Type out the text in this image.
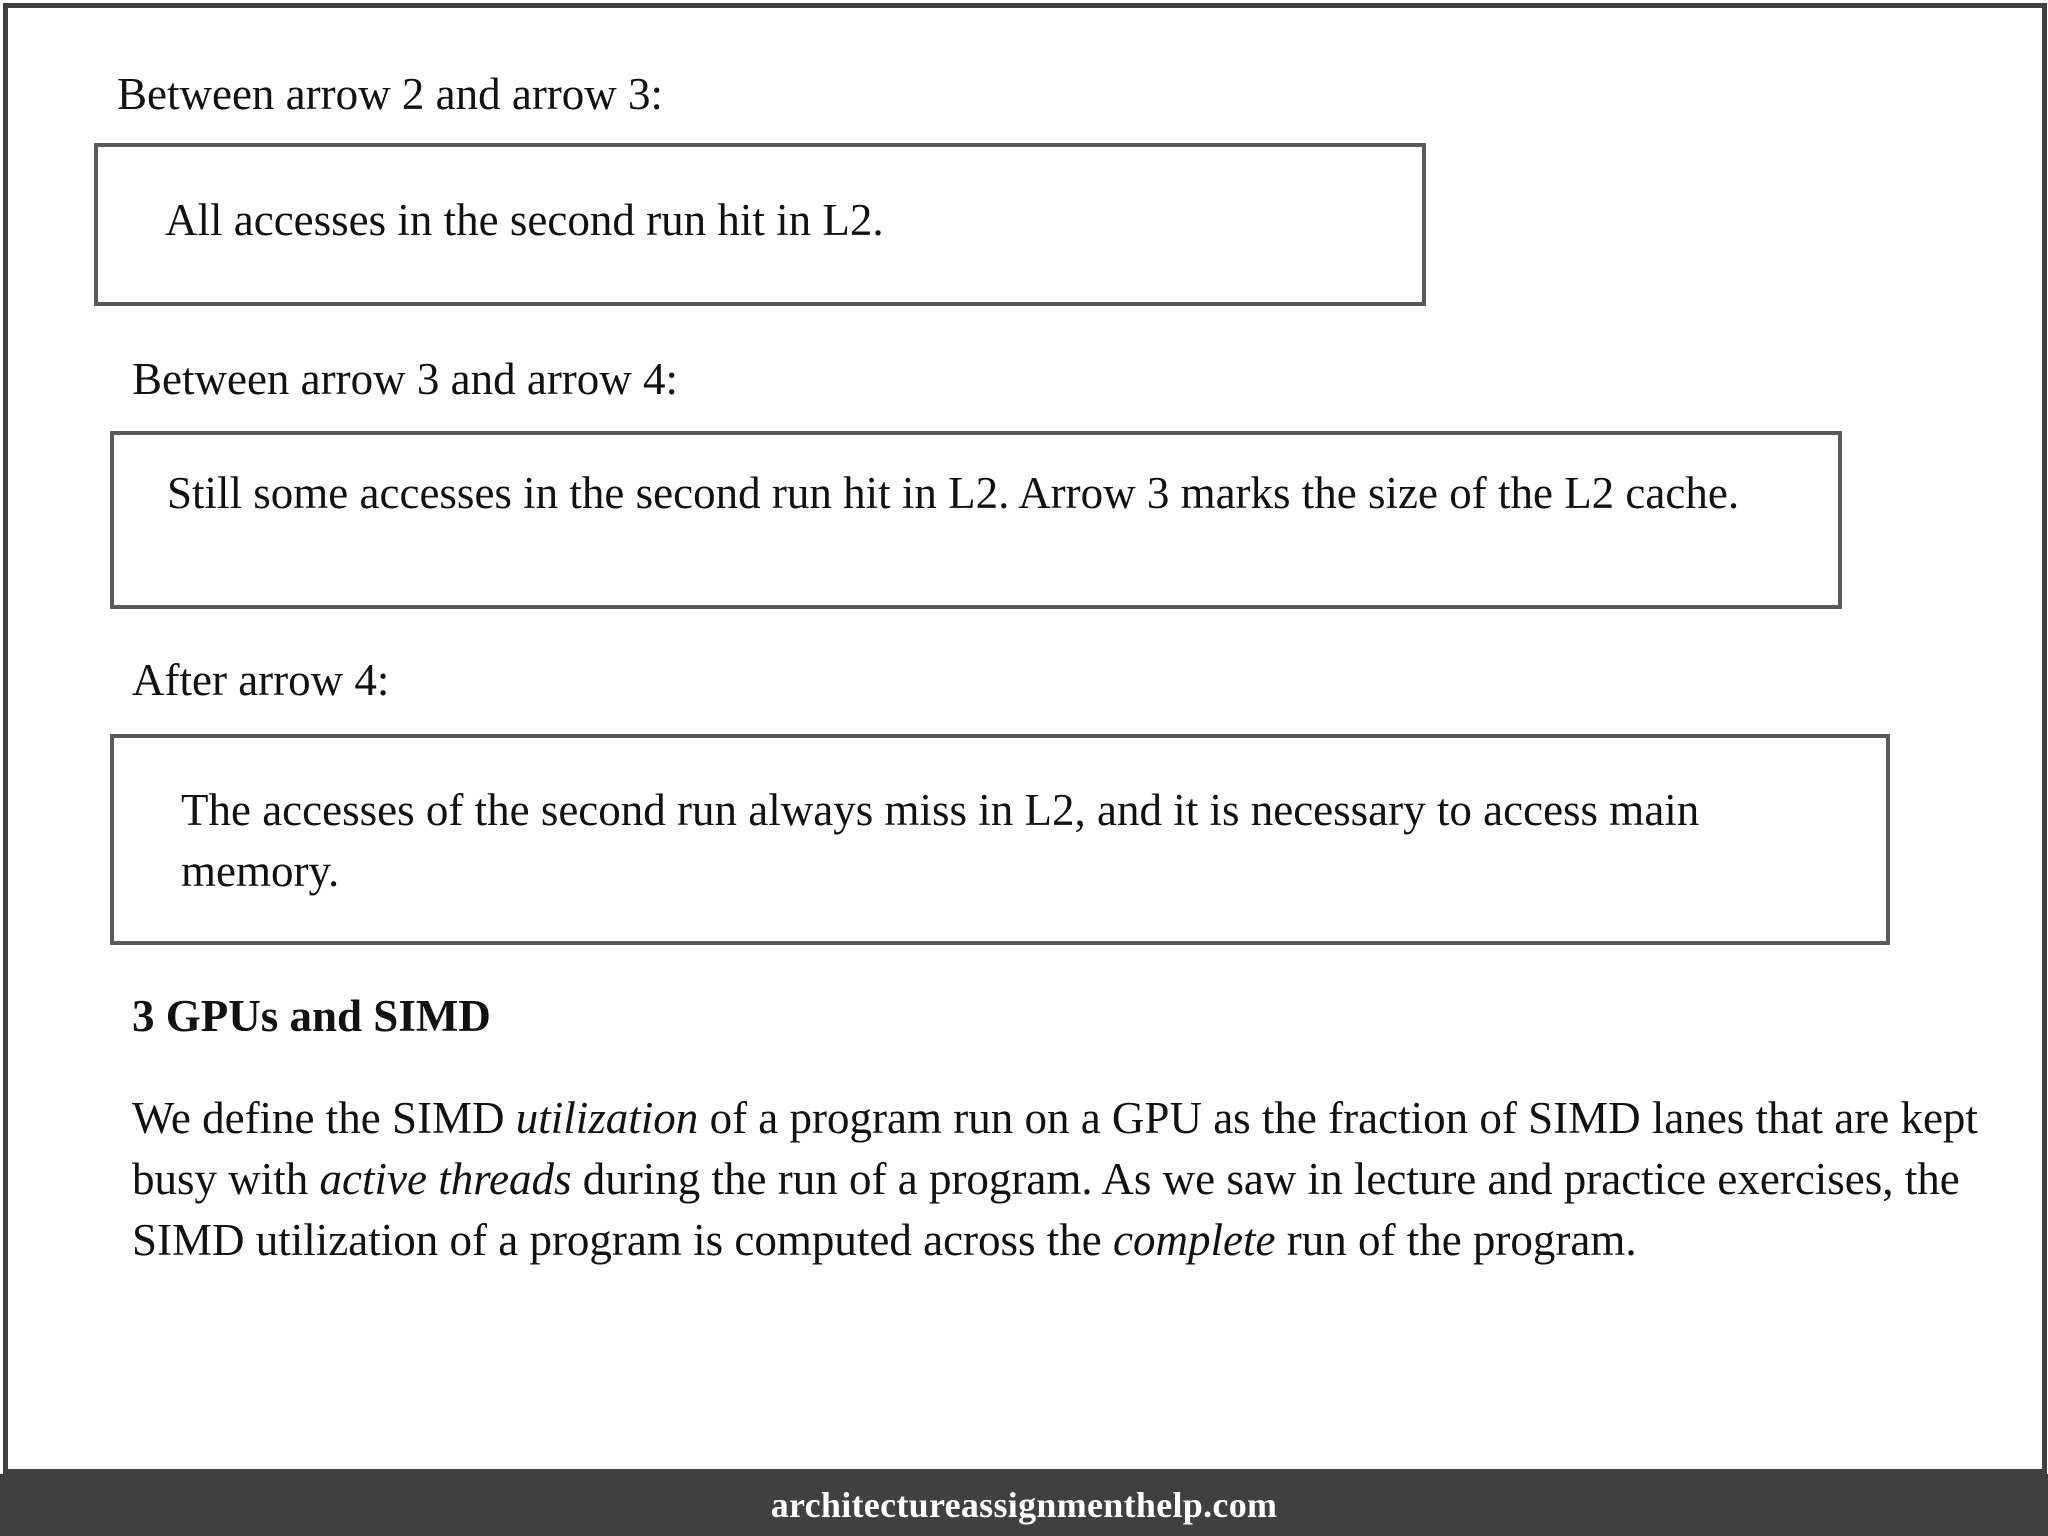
Between arrow 2 and arrow 3:
All accesses in the second run hit in L2.
Between arrow 3 and arrow 4:
Still some accesses in the second run hit in L2. Arrow 3 marks the size of the L2 cache.
After arrow 4:
The accesses of the second run always miss in L2, and it is necessary to access main memory.
3 GPUs and SIMD
We define the SIMD utilization of a program run on a GPU as the fraction of SIMD lanes that are kept busy with active threads during the run of a program. As we saw in lecture and practice exercises, the SIMD utilization of a program is computed across the complete run of the program.
architectureassignmenthelp.com
